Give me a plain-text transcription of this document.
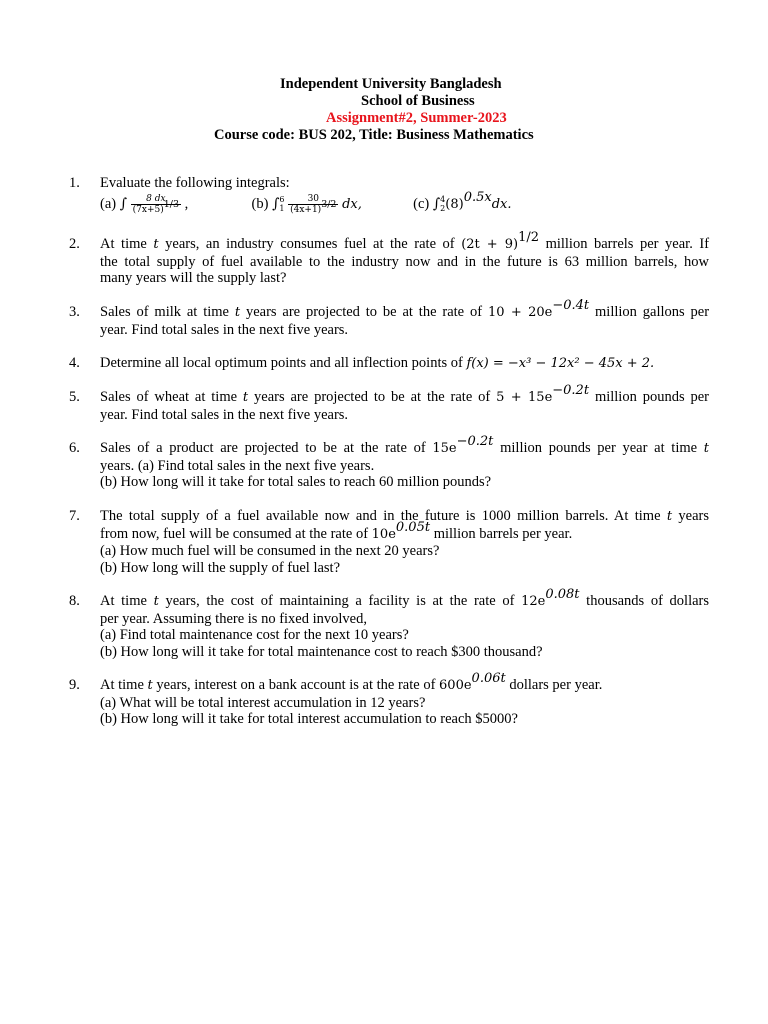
Independent University Bangladesh
School of Business
Assignment#2, Summer-2023
Course code: BUS 202, Title: Business Mathematics
1. Evaluate the following integrals:
(a) ∫ $\frac{8 dx}{(7x+5)^{1/3}}$ ,	(b) ∫ 6
1
$\frac{30}{(4x+1)^{3/2}}$ dx,	(c) ∫ 4
2 $(8)^{0.5x}dx$.
2. At time t years, an industry consumes fuel at the rate of $(2t + 9)^{1/2}$ million barrels per year. If
the total supply of fuel available to the industry now and in the future is 63 million barrels, how
many years will the supply last?
3. Sales of milk at time t years are projected to be at the rate of $10 + 20e^{-0.4t}$ million gallons per
year. Find total sales in the next five years.
4. Determine all local optimum points and all inflection points of f(x) = −x³ − 12x² − 45x + 2.
5. Sales of wheat at time t years are projected to be at the rate of $5 + 15e^{-0.2t}$ million pounds per
year. Find total sales in the next five years.
6. Sales of a product are projected to be at the rate of $15e^{-0.2t}$ million pounds per year at time t
years. (a) Find total sales in the next five years.
(b) How long will it take for total sales to reach 60 million pounds?
7. The total supply of a fuel available now and in the future is 1000 million barrels. At time t years
from now, fuel will be consumed at the rate of $10e^{0.05t}$ million barrels per year.
(a) How much fuel will be consumed in the next 20 years?
(b) How long will the supply of fuel last?
8. At time t years, the cost of maintaining a facility is at the rate of $12e^{0.08t}$ thousands of dollars
per year. Assuming there is no fixed involved,
(a) Find total maintenance cost for the next 10 years?
(b) How long will it take for total maintenance cost to reach $300 thousand?
9. At time t years, interest on a bank account is at the rate of $600e^{0.06t}$ dollars per year.
(a) What will be total interest accumulation in 12 years?
(b) How long will it take for total interest accumulation to reach $5000?
